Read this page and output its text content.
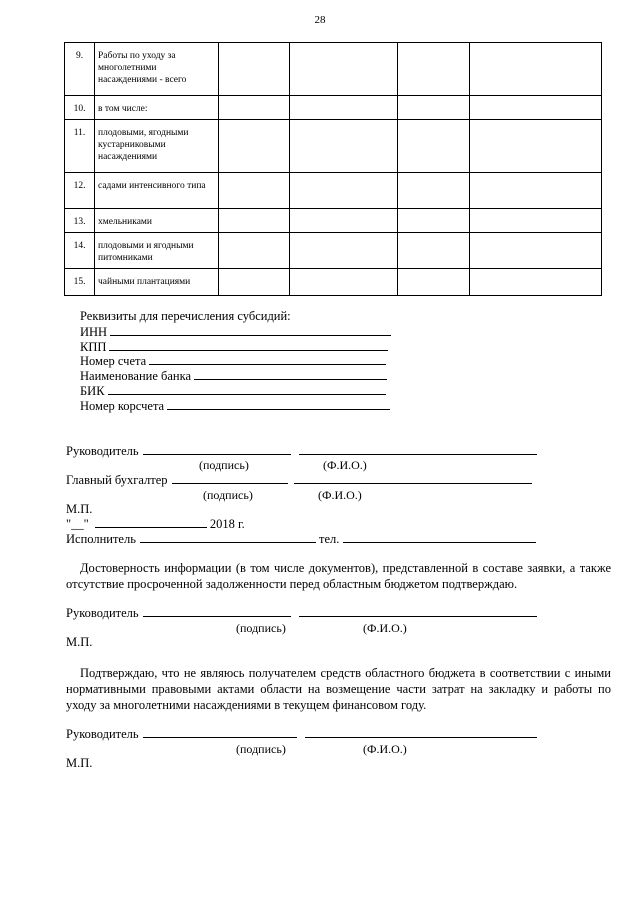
28
9.	Работы по уходу за многолетними насаждениями - всего				
10.	в том числе:				
11.	плодовыми, ягодными кустарниковыми насаждениями				
12.	садами интенсивного типа				
13.	хмельниками				
14.	плодовыми и ягодными питомниками				
15.	чайными плантациями				
Реквизиты для перечисления субсидий:
ИНН
КПП
Номер счета
Наименование банка
БИК
Номер корсчета
Руководитель
(подпись)	(Ф.И.О.)
Главный бухгалтер
(подпись)	(Ф.И.О.)
М.П.
"__"	2018 г.
Исполнитель	тел.
Достоверность информации (в том числе документов), представленной в составе заявки, а также отсутствие просроченной задолженности перед областным бюджетом подтверждаю.
Руководитель
(подпись)	(Ф.И.О.)
М.П.
Подтверждаю, что не являюсь получателем средств областного бюджета в соответствии с иными нормативными правовыми актами области на возмещение части затрат на закладку и работы по уходу за многолетними насаждениями в текущем финансовом году.
Руководитель
(подпись)	(Ф.И.О.)
М.П.
